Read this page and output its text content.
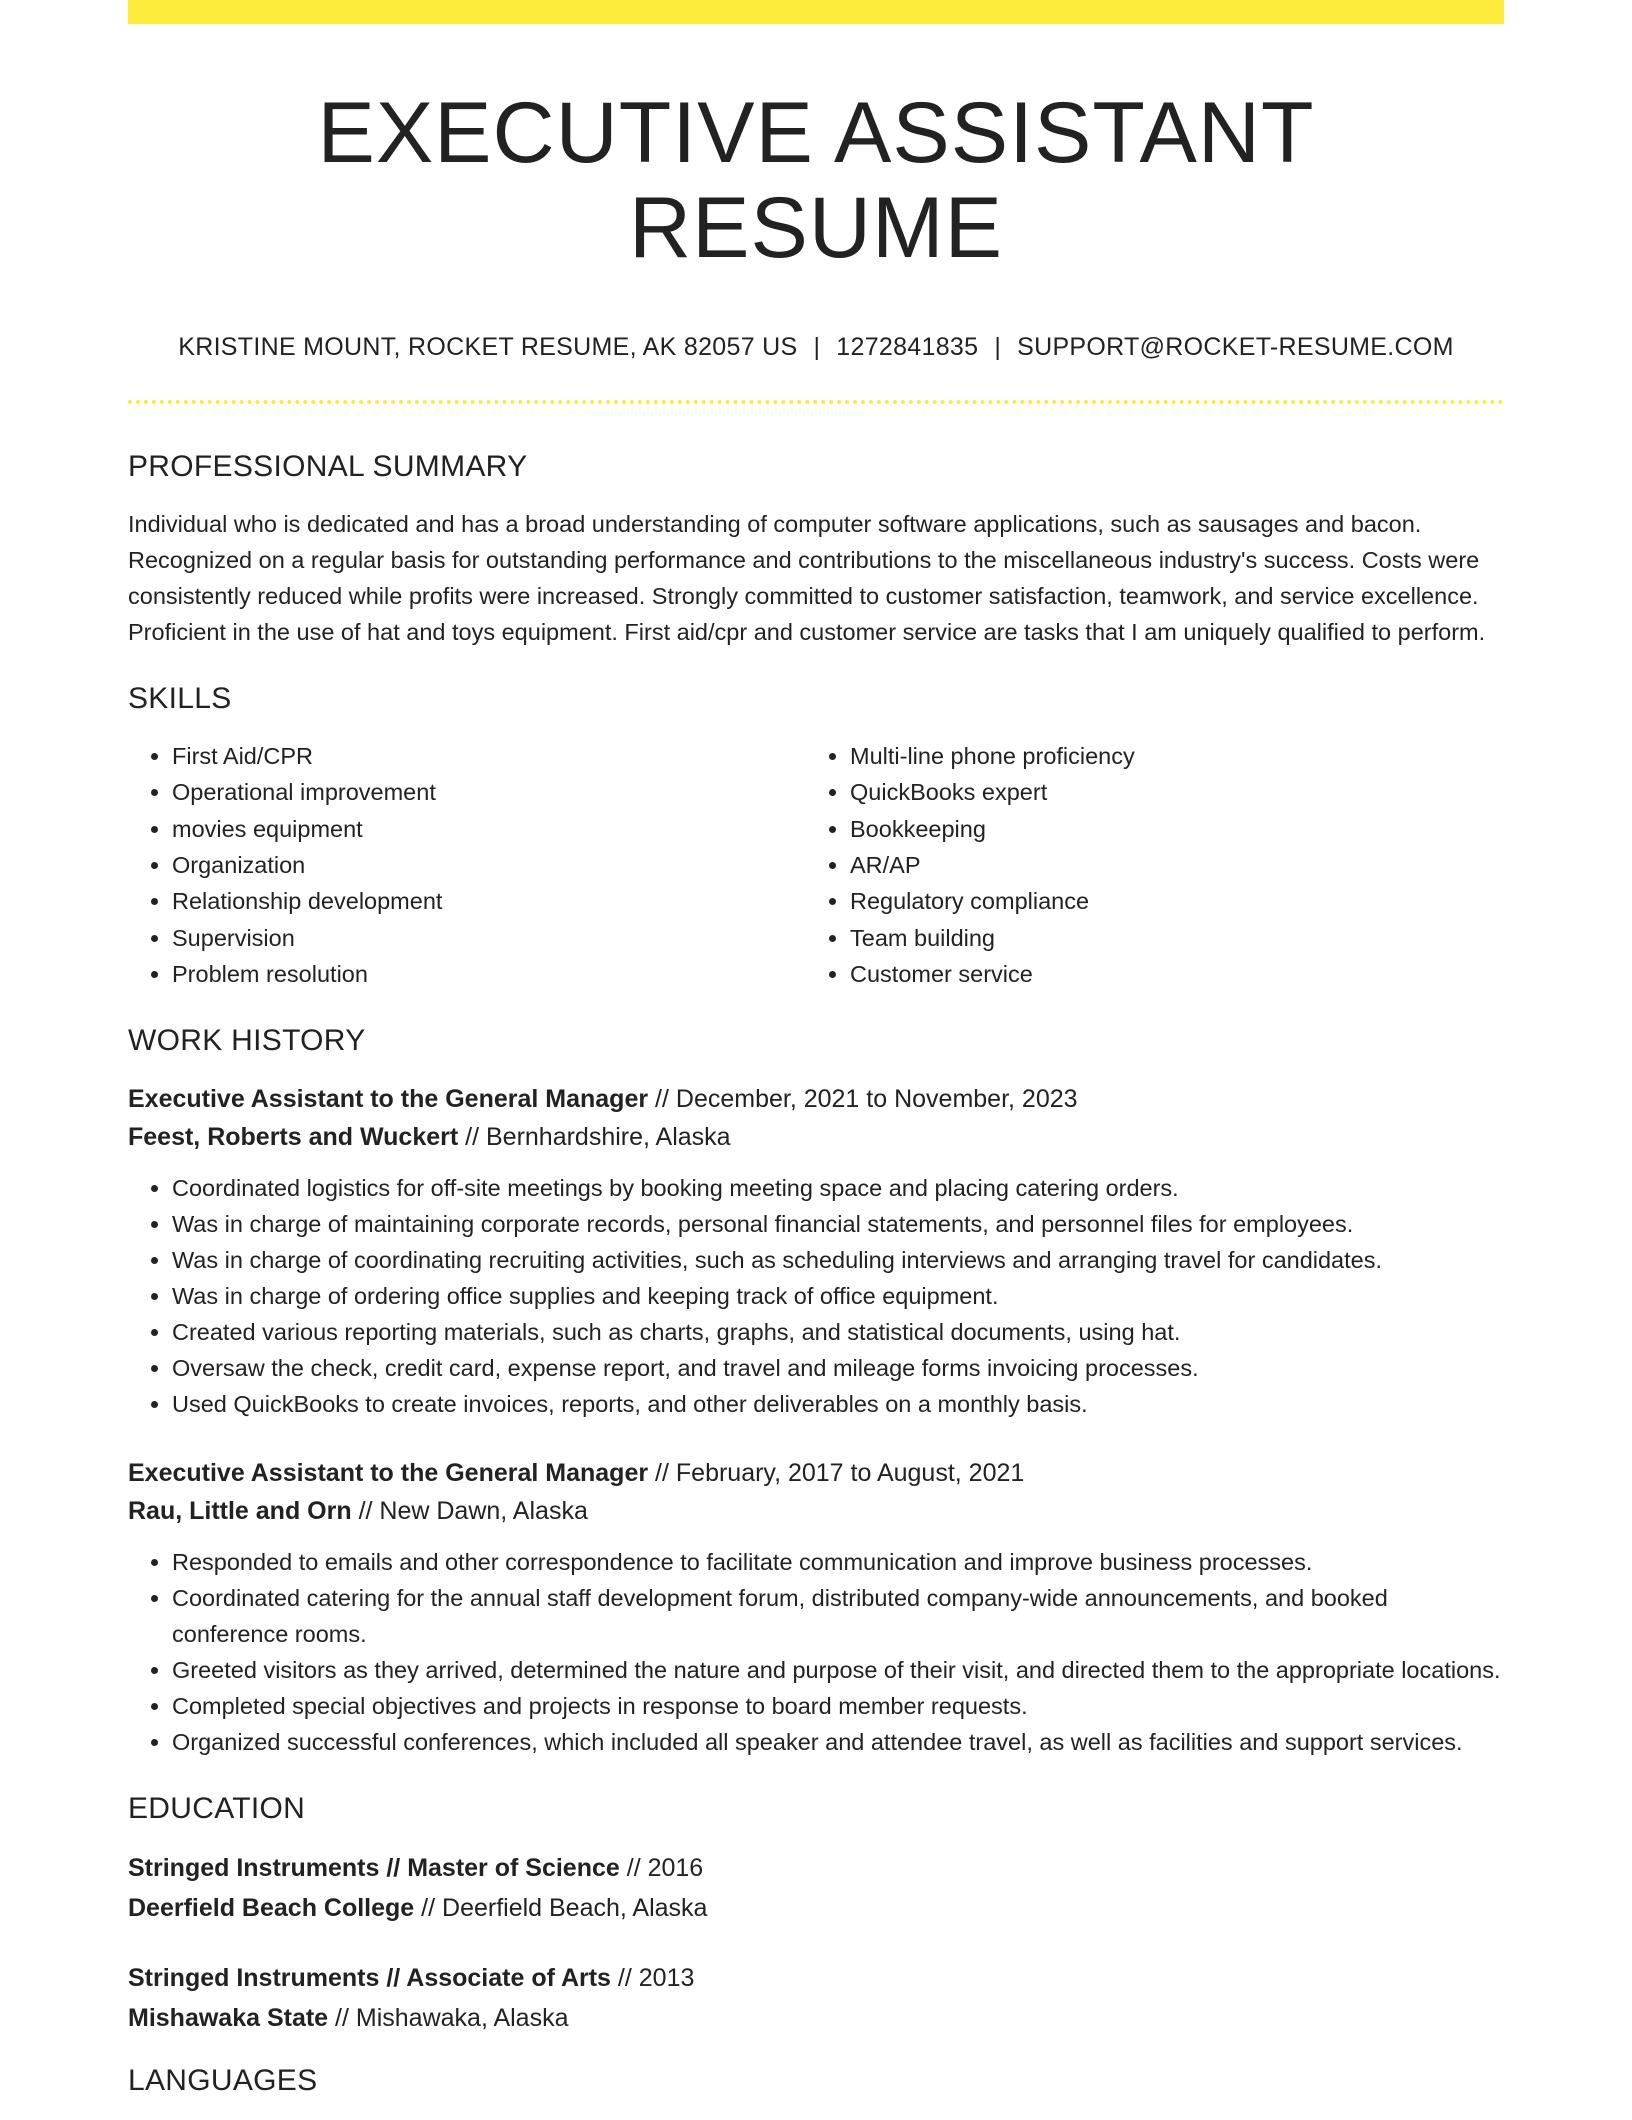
EXECUTIVE ASSISTANT RESUME
KRISTINE MOUNT, ROCKET RESUME, AK 82057 US | 1272841835 | SUPPORT@ROCKET-RESUME.COM
PROFESSIONAL SUMMARY

Individual who is dedicated and has a broad understanding of computer software applications, such as sausages and bacon. Recognized on a regular basis for outstanding performance and contributions to the miscellaneous industry's success. Costs were consistently reduced while profits were increased. Strongly committed to customer satisfaction, teamwork, and service excellence. Proficient in the use of hat and toys equipment. First aid/cpr and customer service are tasks that I am uniquely qualified to perform.

SKILLS
• First Aid/CPR
• Operational improvement
• movies equipment
• Organization
• Relationship development
• Supervision
• Problem resolution
• Multi-line phone proficiency
• QuickBooks expert
• Bookkeeping
• AR/AP
• Regulatory compliance
• Team building
• Customer service
WORK HISTORY
Executive Assistant to the General Manager // December, 2021 to November, 2023
Feest, Roberts and Wuckert // Bernhardshire, Alaska
• Coordinated logistics for off-site meetings by booking meeting space and placing catering orders.
• Was in charge of maintaining corporate records, personal financial statements, and personnel files for employees.
• Was in charge of coordinating recruiting activities, such as scheduling interviews and arranging travel for candidates.
• Was in charge of ordering office supplies and keeping track of office equipment.
• Created various reporting materials, such as charts, graphs, and statistical documents, using hat.
• Oversaw the check, credit card, expense report, and travel and mileage forms invoicing processes.
• Used QuickBooks to create invoices, reports, and other deliverables on a monthly basis.
Executive Assistant to the General Manager // February, 2017 to August, 2021
Rau, Little and Orn // New Dawn, Alaska
• Responded to emails and other correspondence to facilitate communication and improve business processes.
• Coordinated catering for the annual staff development forum, distributed company-wide announcements, and booked conference rooms.
• Greeted visitors as they arrived, determined the nature and purpose of their visit, and directed them to the appropriate locations.
• Completed special objectives and projects in response to board member requests.
• Organized successful conferences, which included all speaker and attendee travel, as well as facilities and support services.
EDUCATION
Stringed Instruments // Master of Science // 2016
Deerfield Beach College // Deerfield Beach, Alaska
Stringed Instruments // Associate of Arts // 2013
Mishawaka State // Mishawaka, Alaska
LANGUAGES
